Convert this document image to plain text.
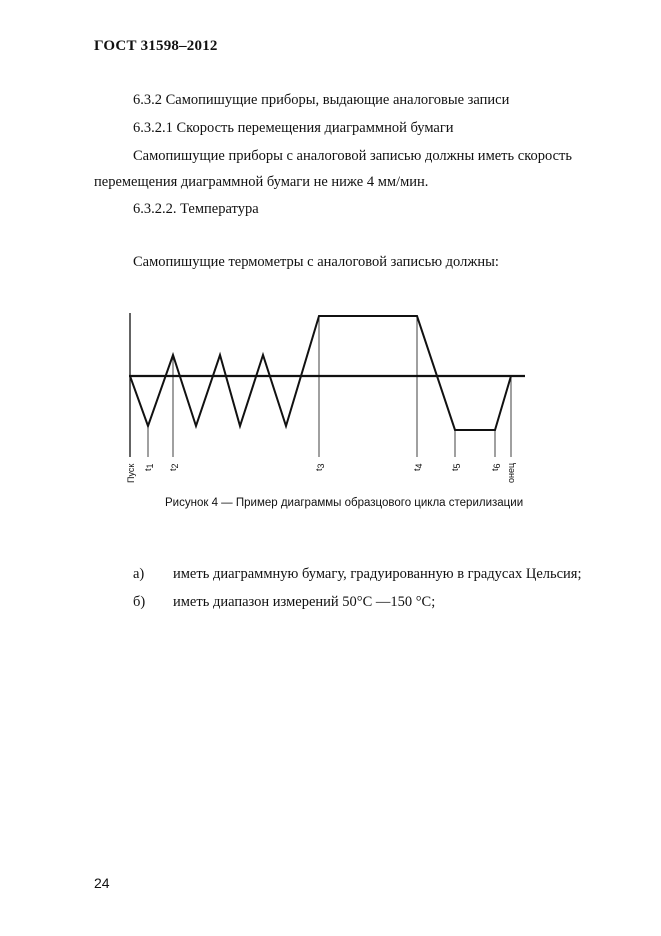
ГОСТ 31598–2012
6.3.2 Самопишущие приборы, выдающие аналоговые записи
6.3.2.1 Скорость перемещения диаграммной бумаги
Самопишущие приборы с аналоговой записью должны иметь скорость
перемещения диаграммной бумаги не ниже 4 мм/мин.
6.3.2.2. Температура
Самопишущие термометры с аналоговой записью должны:
Пуск t1
t2
t3
t4
t5
t6 онец
Рисунок 4 — Пример диаграммы образцового цикла стерилизации
а) иметь диаграммную бумагу, градуированную в градусах Цельсия;
б) иметь диапазон измерений 50°С —150 °С;
24
